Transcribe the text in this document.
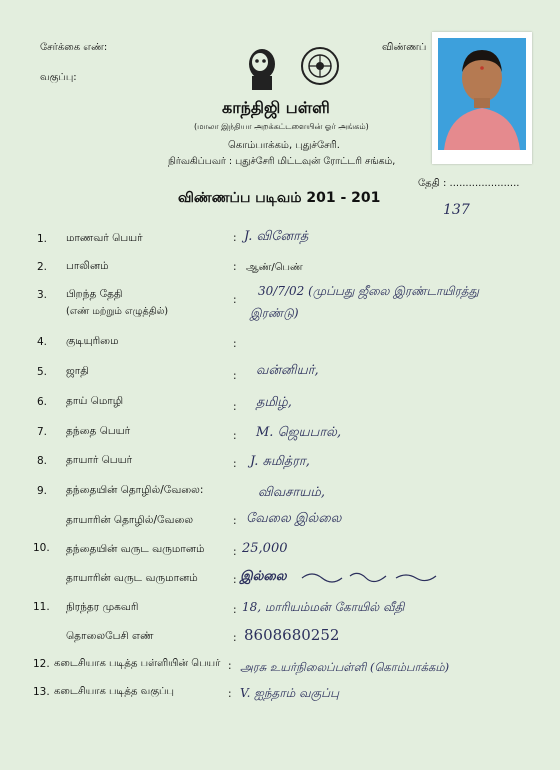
சேர்க்கை எண்:
வகுப்பு:
விண்ணப்
காந்திஜி பள்ளி
(மாலா இந்தியா அறக்கட்டளையின் ஓர் அங்கம்)
கொம்பாக்கம், புதுச்சேரி.
நிர்வகிப்பவர் : புதுச்சேரி மிட்டவுன் ரோட்டரி சங்கம்,
தேதி : ......................
விண்ணப்ப படிவம் 201 - 201
137
1. மாணவர் பெயர்	: J. வினோத்
2. பாலினம்	: ஆண்/பெண்
3. பிறந்த தேதி
(எண் மற்றும் எழுத்தில்)
:
30/7/02 (முப்பது ஜீலை இரண்டாயிரத்து
இரண்டு)
4. குடியுரிமை	:
5. ஜாதி	: வன்னியர்,
6. தாய் மொழி	: தமிழ்,
7. தந்தை பெயர்	: M. ஜெயபால்,
8. தாயார் பெயர்	: J. சுமித்ரா,
9. தந்தையின் தொழில்/வேலை:	விவசாயம்,
தாயாரின் தொழில்/வேலை	: வேலை இல்லை
10. தந்தையின் வருட வருமானம்	: 25,000
தாயாரின் வருட வருமானம்	: இல்லை
11. நிரந்தர முகவரி	: 18, மாரியம்மன் கோயில் வீதி
தொலைபேசி எண்	: 8608680252
12. கடைசியாக படித்த பள்ளியின் பெயர் : அரசு உயர்நிலைப்பள்ளி (கொம்பாக்கம்)
13. கடைசியாக படித்த வகுப்பு	: V. ஐந்தாம் வகுப்பு
